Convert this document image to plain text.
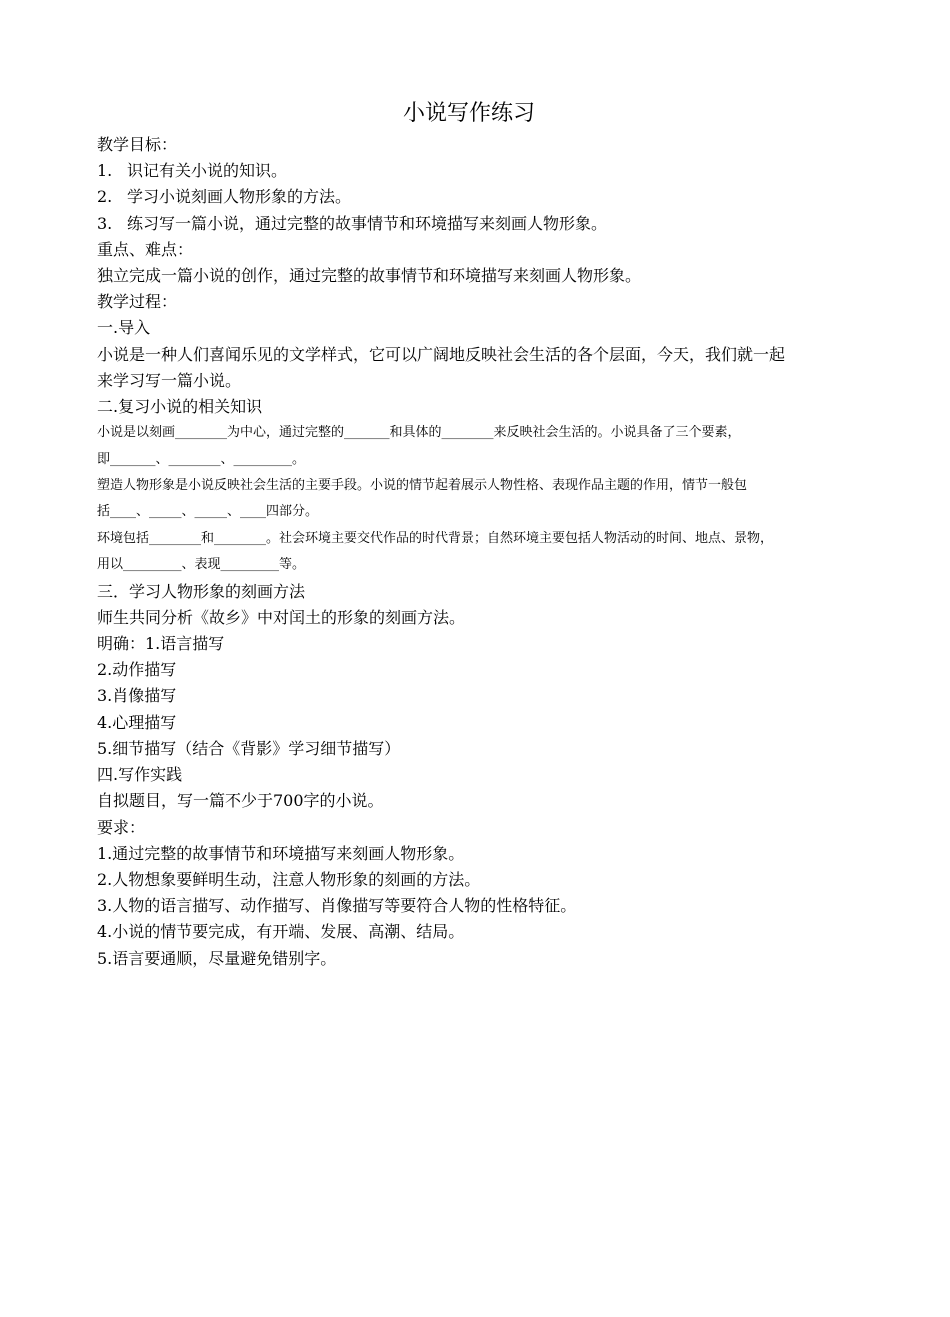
小说写作练习
教学目标：
1. 识记有关小说的知识。
2. 学习小说刻画人物形象的方法。
3. 练习写一篇小说，通过完整的故事情节和环境描写来刻画人物形象。
重点、难点：
独立完成一篇小说的创作，通过完整的故事情节和环境描写来刻画人物形象。
教学过程：
一.导入
小说是一种人们喜闻乐见的文学样式，它可以广阔地反映社会生活的各个层面，今天，我们就一起
来学习写一篇小说。
二.复习小说的相关知识
小说是以刻画________为中心，通过完整的_______和具体的________来反映社会生活的。小说具备了三个要素，
即_______、________、_________。
塑造人物形象是小说反映社会生活的主要手段。小说的情节起着展示人物性格、表现作品主题的作用，情节一般包
括____、_____、_____、____四部分。
环境包括________和________。社会环境主要交代作品的时代背景；自然环境主要包括人物活动的时间、地点、景物，
用以_________、表现_________等。
三．学习人物形象的刻画方法
师生共同分析《故乡》中对闰土的形象的刻画方法。
明确：1.语言描写
2.动作描写
3.肖像描写
4.心理描写
5.细节描写（结合《背影》学习细节描写）
四.写作实践
自拟题目，写一篇不少于700字的小说。
要求：
1.通过完整的故事情节和环境描写来刻画人物形象。
2.人物想象要鲜明生动，注意人物形象的刻画的方法。
3.人物的语言描写、动作描写、肖像描写等要符合人物的性格特征。
4.小说的情节要完成，有开端、发展、高潮、结局。
5.语言要通顺，尽量避免错别字。
